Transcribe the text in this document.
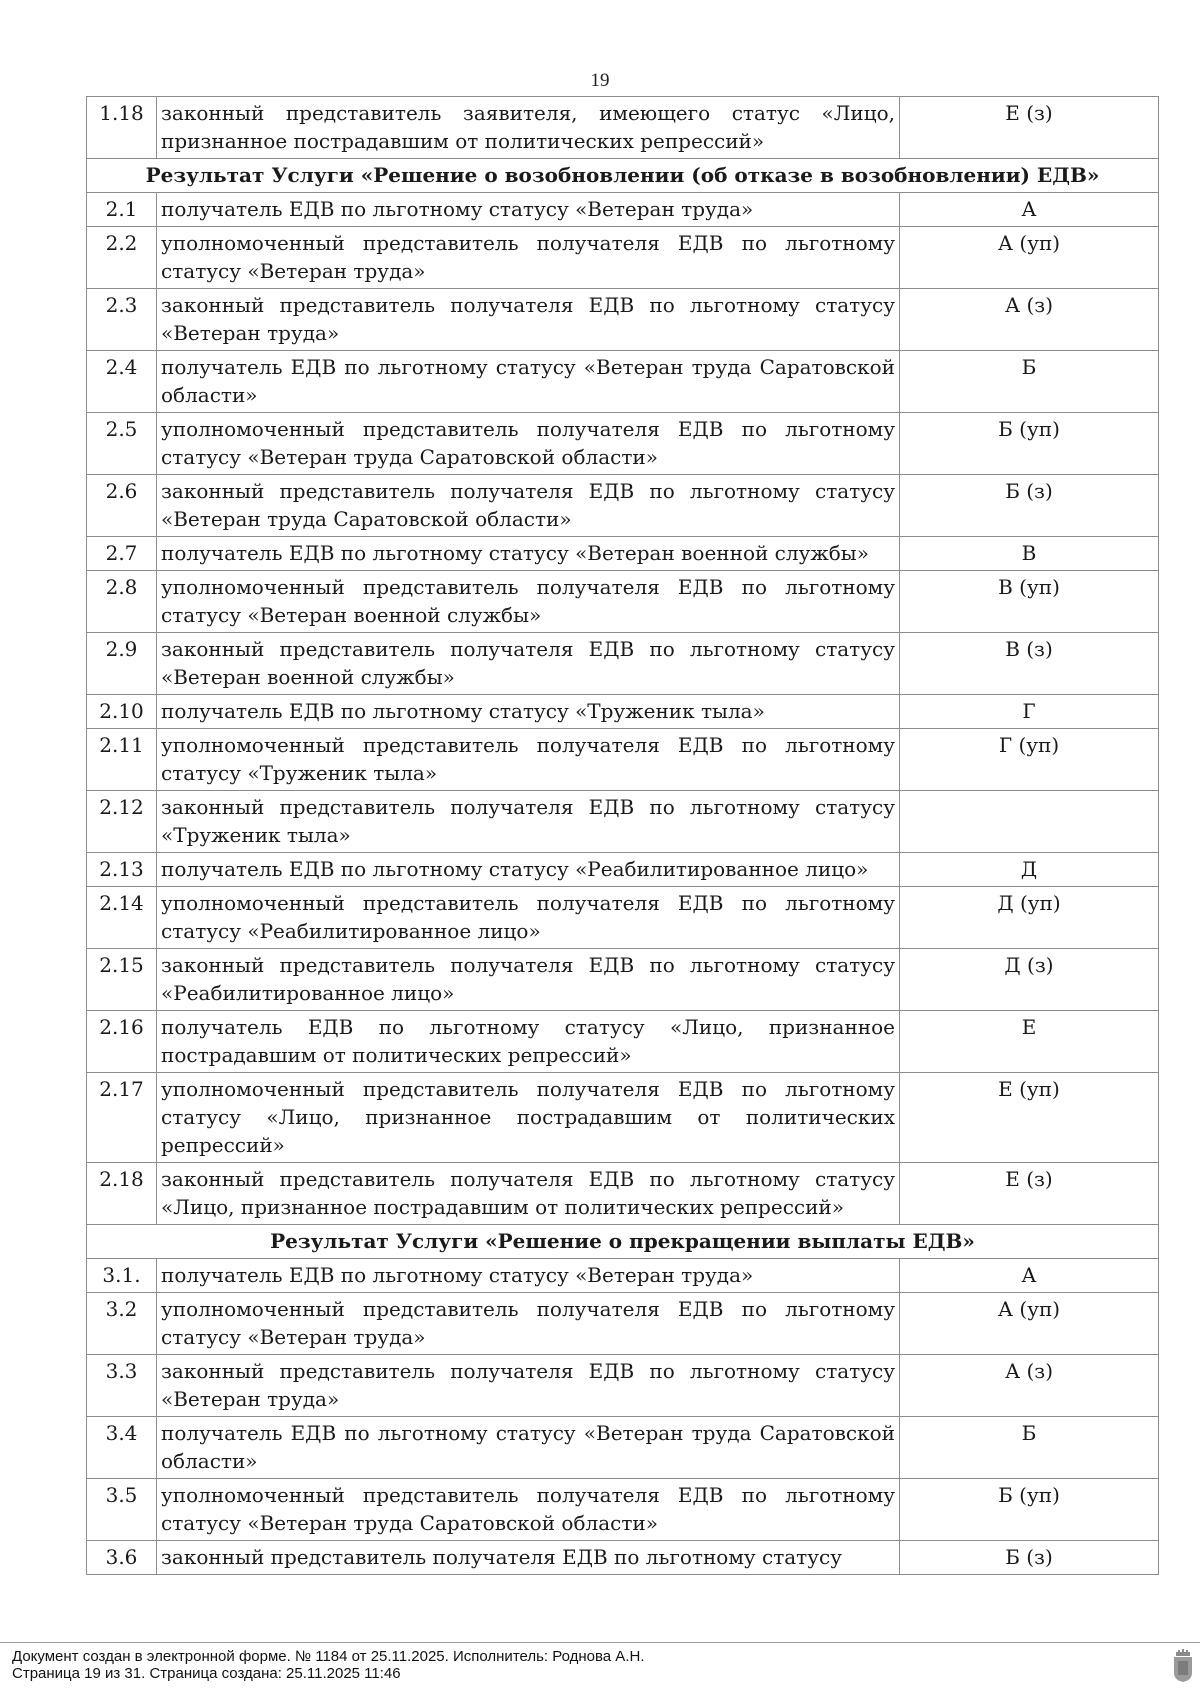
19
1.18	законный представитель заявителя, имеющего статус «Лицо, признанное пострадавшим от политических репрессий»	Е (з)
Результат Услуги «Решение о возобновлении (об отказе в возобновлении) ЕДВ»		
2.1	получатель ЕДВ по льготному статусу «Ветеран труда»	А
2.2	уполномоченный представитель получателя ЕДВ по льготному статусу «Ветеран труда»	А (уп)
2.3	законный представитель получателя ЕДВ по льготному статусу «Ветеран труда»	А (з)
2.4	получатель ЕДВ по льготному статусу «Ветеран труда Саратовской области»	Б
2.5	уполномоченный представитель получателя ЕДВ по льготному статусу «Ветеран труда Саратовской области»	Б (уп)
2.6	законный представитель получателя ЕДВ по льготному статусу «Ветеран труда Саратовской области»	Б (з)
2.7	получатель ЕДВ по льготному статусу «Ветеран военной службы»	В
2.8	уполномоченный представитель получателя ЕДВ по льготному статусу «Ветеран военной службы»	В (уп)
2.9	законный представитель получателя ЕДВ по льготному статусу «Ветеран военной службы»	В (з)
2.10	получатель ЕДВ по льготному статусу «Труженик тыла»	Г
2.11	уполномоченный представитель получателя ЕДВ по льготному статусу «Труженик тыла»	Г (уп)
2.12	законный представитель получателя ЕДВ по льготному статусу «Труженик тыла»	
2.13	получатель ЕДВ по льготному статусу «Реабилитированное лицо»	Д
2.14	уполномоченный представитель получателя ЕДВ по льготному статусу «Реабилитированное лицо»	Д (уп)
2.15	законный представитель получателя ЕДВ по льготному статусу «Реабилитированное лицо»	Д (з)
2.16	получатель ЕДВ по льготному статусу «Лицо, признанное пострадавшим от политических репрессий»	Е
2.17	уполномоченный представитель получателя ЕДВ по льготному статусу «Лицо, признанное пострадавшим от политических репрессий»	Е (уп)
2.18	законный представитель получателя ЕДВ по льготному статусу «Лицо, признанное пострадавшим от политических репрессий»	Е (з)
Результат Услуги «Решение о прекращении выплаты ЕДВ»		
3.1.	получатель ЕДВ по льготному статусу «Ветеран труда»	А
3.2	уполномоченный представитель получателя ЕДВ по льготному статусу «Ветеран труда»	А (уп)
3.3	законный представитель получателя ЕДВ по льготному статусу «Ветеран труда»	А (з)
3.4	получатель ЕДВ по льготному статусу «Ветеран труда Саратовской области»	Б
3.5	уполномоченный представитель получателя ЕДВ по льготному статусу «Ветеран труда Саратовской области»	Б (уп)
3.6	законный представитель получателя ЕДВ по льготному статусу	Б (з)
Документ создан в электронной форме. № 1184 от 25.11.2025. Исполнитель: Роднова А.Н.
Страница 19 из 31. Страница создана: 25.11.2025 11:46
